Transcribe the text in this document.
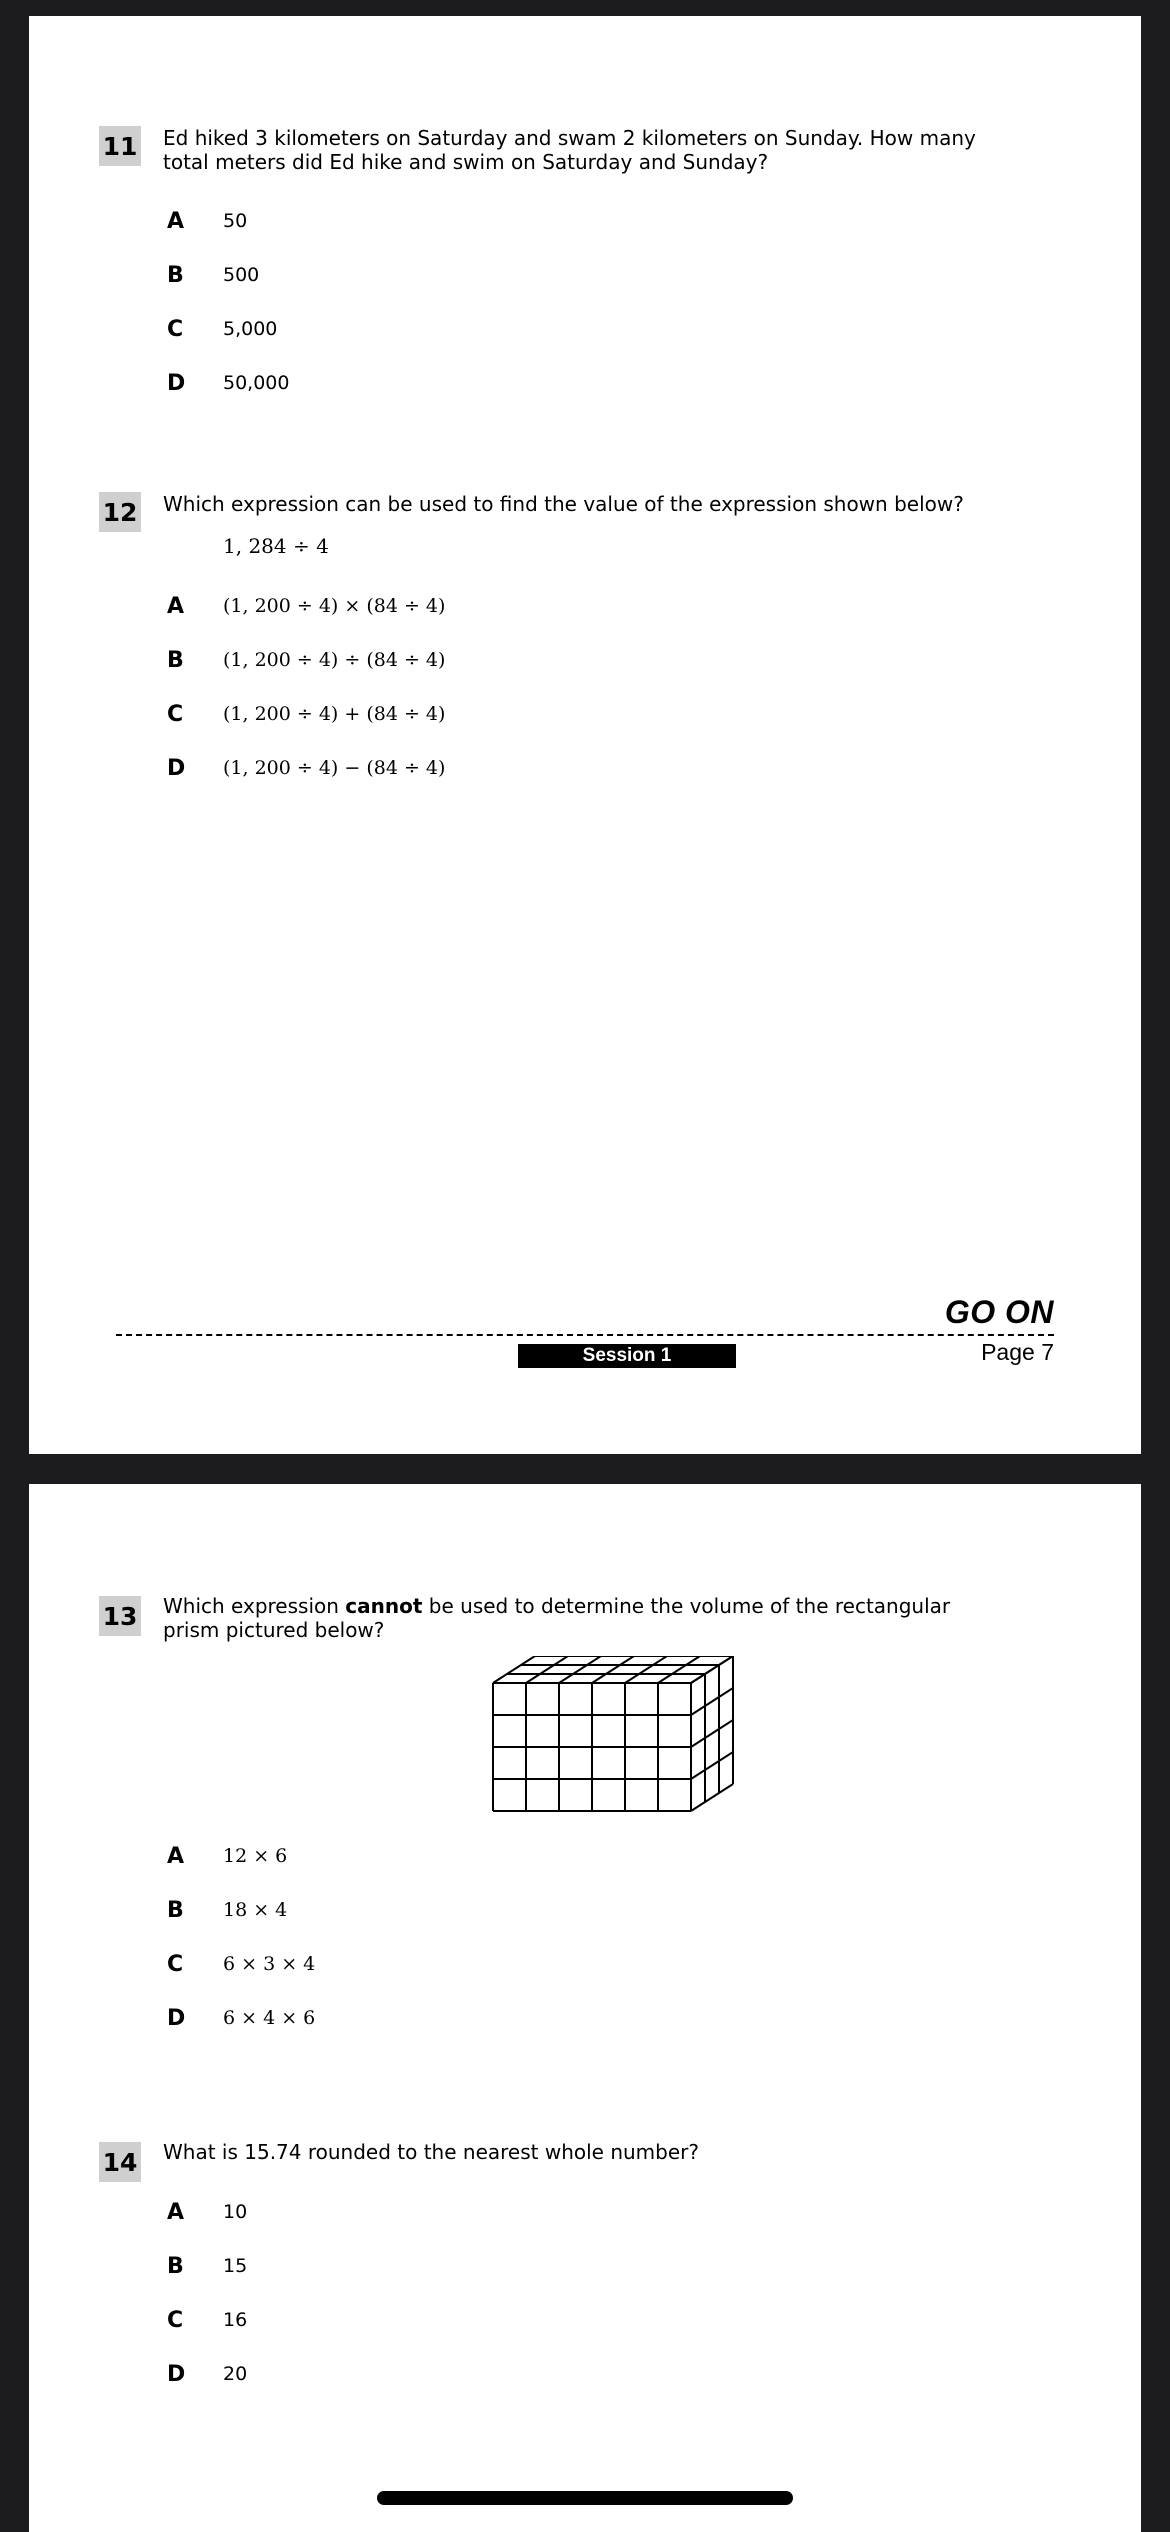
11 Ed hiked 3 kilometers on Saturday and swam 2 kilometers on Sunday. How many total meters did Ed hike and swim on Saturday and Sunday?
A	50
B	500
C	5,000
D	50,000
12 Which expression can be used to find the value of the expression shown below?
1, 284 ÷ 4
A	(1, 200 ÷ 4) × (84 ÷ 4)
B	(1, 200 ÷ 4) ÷ (84 ÷ 4)
C	(1, 200 ÷ 4) + (84 ÷ 4)
D	(1, 200 ÷ 4) − (84 ÷ 4)
GO ON
Session 1	Page 7
13 Which expression cannot be used to determine the volume of the rectangular prism pictured below?
A	12 × 6
B	18 × 4
C	6 × 3 × 4
D	6 × 4 × 6
14 What is 15.74 rounded to the nearest whole number?
A	10
B	15
C	16
D	20
